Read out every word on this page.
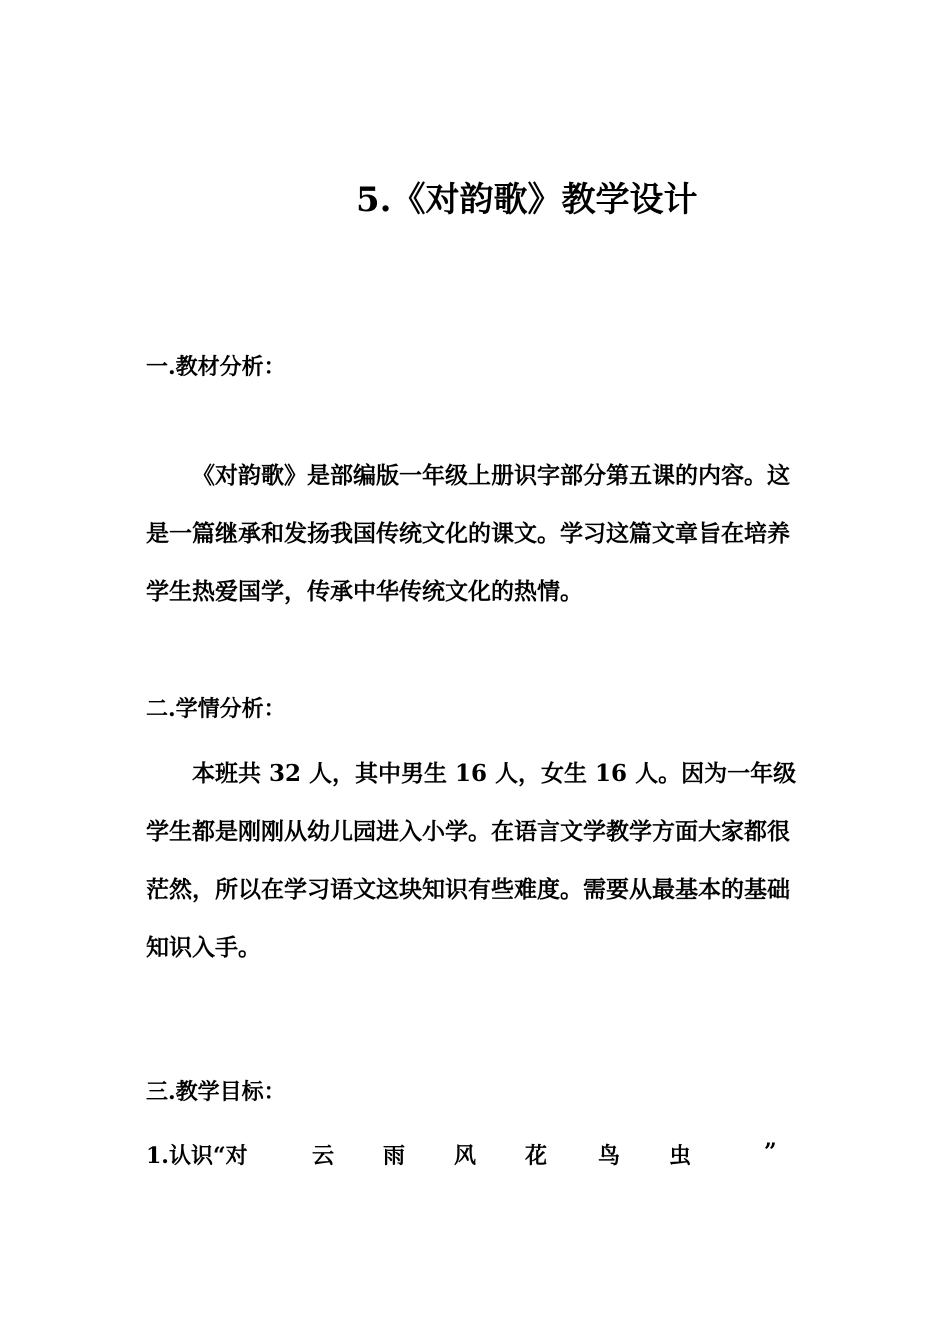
5.《对韵歌》教学设计
一.教材分析：

《对韵歌》是部编版一年级上册识字部分第五课的内容。这是一篇继承和发扬我国传统文化的课文。学习这篇文章旨在培养学生热爱国学，传承中华传统文化的热情。

二.学情分析：

本班共 32 人，其中男生 16 人，女生 16 人。因为一年级学生都是刚刚从幼儿园进入小学。在语言文学教学方面大家都很茫然，所以在学习语文这块知识有些难度。需要从最基本的基础知识入手。

三.教学目标：
1.认识“对	云 雨 风 花 鸟 虫	”
